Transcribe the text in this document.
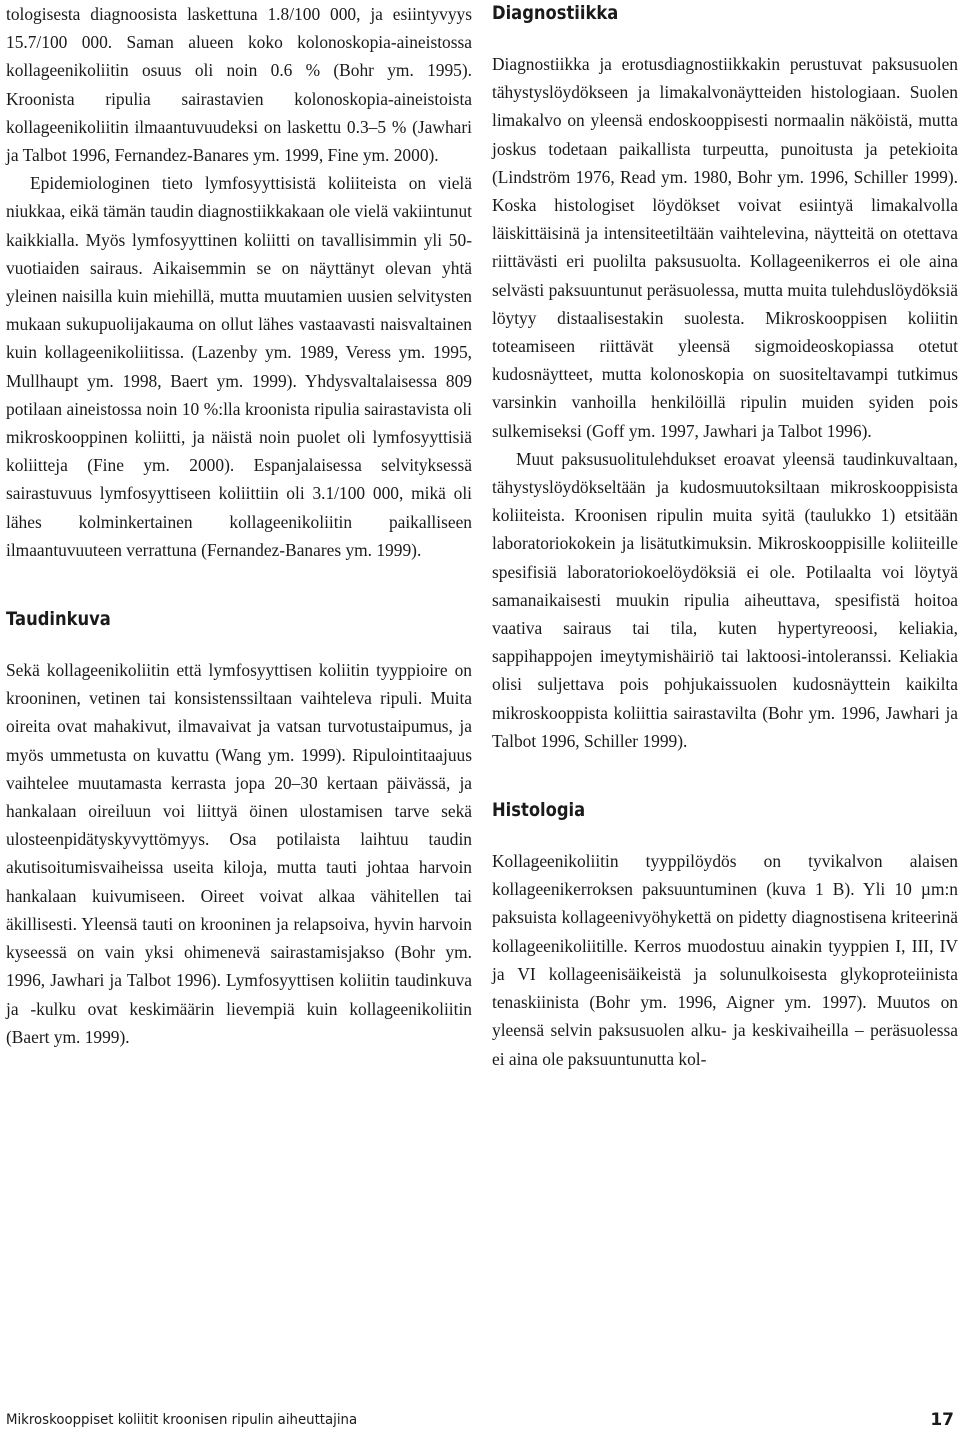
tologisesta diagnoosista laskettuna 1.8/100 000, ja esiintyvyys 15.7/100 000. Saman alueen koko kolonoskopia-aineistossa kollageenikoliitin osuus oli noin 0.6 % (Bohr ym. 1995). Kroonista ripulia sairastavien kolonoskopia-aineistoista kollageenikoliitin ilmaantuvuudeksi on laskettu 0.3–5 % (Jawhari ja Talbot 1996, Fernandez-Banares ym. 1999, Fine ym. 2000).

Epidemiologinen tieto lymfosyyttisistä koliiteista on vielä niukkaa, eikä tämän taudin diagnostiikkakaan ole vielä vakiintunut kaikkialla. Myös lymfosyyttinen koliitti on tavallisimmin yli 50-vuotiaiden sairaus. Aikaisemmin se on näyttänyt olevan yhtä yleinen naisilla kuin miehillä, mutta muutamien uusien selvitysten mukaan sukupuolijakauma on ollut lähes vastaavasti naisvaltainen kuin kollageenikoliitissa. (Lazenby ym. 1989, Veress ym. 1995, Mullhaupt ym. 1998, Baert ym. 1999). Yhdysvaltalaisessa 809 potilaan aineistossa noin 10 %:lla kroonista ripulia sairastavista oli mikroskooppinen koliitti, ja näistä noin puolet oli lymfosyyttisiä koliitteja (Fine ym. 2000). Espanjalaisessa selvityksessä sairastuvuus lymfosyyttiseen koliittiin oli 3.1/100 000, mikä oli lähes kolminkertainen kollageenikoliitin paikalliseen ilmaantuvuuteen verrattuna (Fernandez-Banares ym. 1999).

Taudinkuva

Sekä kollageenikoliitin että lymfosyyttisen koliitin tyyppioire on krooninen, vetinen tai konsistenssiltaan vaihteleva ripuli. Muita oireita ovat mahakivut, ilmavaivat ja vatsan turvotustaipumus, ja myös ummetusta on kuvattu (Wang ym. 1999). Ripulointitaajuus vaihtelee muutamasta kerrasta jopa 20–30 kertaan päivässä, ja hankalaan oireiluun voi liittyä öinen ulostamisen tarve sekä ulosteenpidätyskyvyttömyys. Osa potilaista laihtuu taudin akutisoitumisvaiheissa useita kiloja, mutta tauti johtaa harvoin hankalaan kuivumiseen. Oireet voivat alkaa vähitellen tai äkillisesti. Yleensä tauti on krooninen ja relapsoiva, hyvin harvoin kyseessä on vain yksi ohimenevä sairastamisjakso (Bohr ym. 1996, Jawhari ja Talbot 1996). Lymfosyyttisen koliitin taudinkuva ja -kulku ovat keskimäärin lievempiä kuin kollageenikoliitin (Baert ym. 1999).

Diagnostiikka

Diagnostiikka ja erotusdiagnostiikkakin perustuvat paksusuolen tähystyslöydökseen ja limakalvonäytteiden histologiaan. Suolen limakalvo on yleensä endoskooppisesti normaalin näköistä, mutta joskus todetaan paikallista turpeutta, punoitusta ja petekioita (Lindström 1976, Read ym. 1980, Bohr ym. 1996, Schiller 1999). Koska histologiset löydökset voivat esiintyä limakalvolla läiskittäisinä ja intensiteetiltään vaihtelevina, näytteitä on otettava riittävästi eri puolilta paksusuolta. Kollageenikerros ei ole aina selvästi paksuuntunut peräsuolessa, mutta muita tulehduslöydöksiä löytyy distaalisestakin suolesta. Mikroskooppisen koliitin toteamiseen riittävät yleensä sigmoideoskopiassa otetut kudosnäytteet, mutta kolonoskopia on suositeltavampi tutkimus varsinkin vanhoilla henkilöillä ripulin muiden syiden pois sulkemiseksi (Goff ym. 1997, Jawhari ja Talbot 1996).

Muut paksusuolitulehdukset eroavat yleensä taudinkuvaltaan, tähystyslöydökseltään ja kudosmuutoksiltaan mikroskooppisista koliiteista. Kroonisen ripulin muita syitä (taulukko 1) etsitään laboratoriokokein ja lisätutkimuksin. Mikroskooppisille koliiteille spesifisiä laboratoriokoelöydöksiä ei ole. Potilaalta voi löytyä samanaikaisesti muukin ripulia aiheuttava, spesifistä hoitoa vaativa sairaus tai tila, kuten hypertyreoosi, keliakia, sappihappojen imeytymishäiriö tai laktoosi-intoleranssi. Keliakia olisi suljettava pois pohjukaissuolen kudosnäyttein kaikilta mikroskooppista koliittia sairastavilta (Bohr ym. 1996, Jawhari ja Talbot 1996, Schiller 1999).

Histologia

Kollageenikoliitin tyyppilöydös on tyvikalvon alaisen kollageenikerroksen paksuuntuminen (kuva 1 B). Yli 10 µm:n paksuista kollageenivyöhykettä on pidetty diagnostisena kriteerinä kollageenikoliitille. Kerros muodostuu ainakin tyyppien I, III, IV ja VI kollageenisäikeistä ja solunulkoisesta glykoproteiinista tenaskiinista (Bohr ym. 1996, Aigner ym. 1997). Muutos on yleensä selvin paksusuolen alku- ja keskivaiheilla – peräsuolessa ei aina ole paksuuntunutta kol-

Mikroskooppiset koliitit kroonisen ripulin aiheuttajina	17
